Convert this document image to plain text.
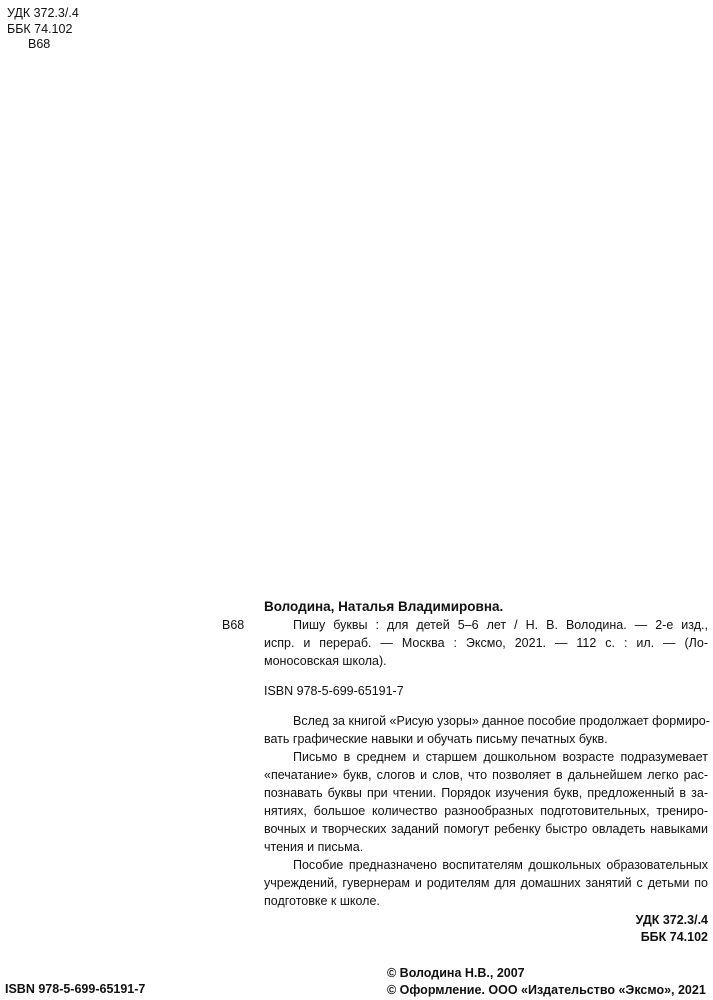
УДК 372.3/.4
ББК 74.102
В68
В68
Володина, Наталья Владимировна.
Пишу буквы : для детей 5–6 лет / Н. В. Володина. — 2-е изд.,
испр. и перераб. — Москва : Эксмо, 2021. — 112 с. : ил. — (Ло-
моносовская школа).
ISBN 978-5-699-65191-7
Вслед за книгой «Рисую узоры» данное пособие продолжает формиро-
вать графические навыки и обучать письму печатных букв.
Письмо в среднем и старшем дошкольном возрасте подразумевает
«печатание» букв, слогов и слов, что позволяет в дальнейшем легко рас-
познавать буквы при чтении. Порядок изучения букв, предложенный в за-
нятиях, большое количество разнообразных подготовительных, трениро-
вочных и творческих заданий помогут ребенку быстро овладеть навыками
чтения и письма.
Пособие предназначено воспитателям дошкольных образовательных
учреждений, гувернерам и родителям для домашних занятий с детьми по
подготовке к школе.
УДК 372.3/.4
ББК 74.102
ISBN 978-5-699-65191-7
© Володина Н.В., 2007
© Оформление. ООО «Издательство «Эксмо», 2021
